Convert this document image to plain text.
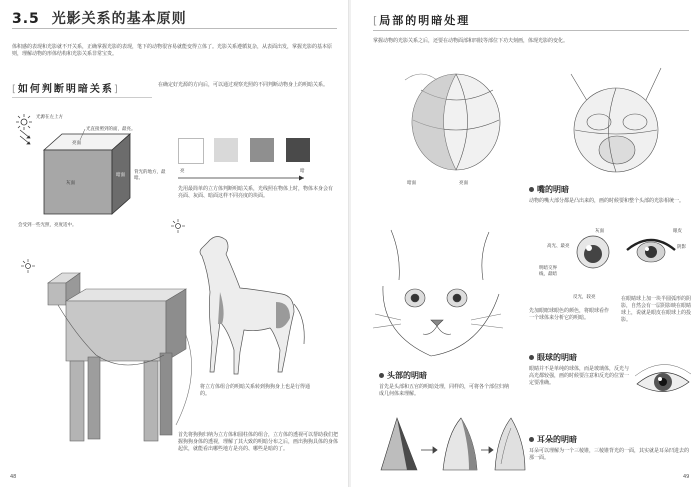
3.5 光影关系的基本原则
体积感的表现和光影就不开关系，正确掌握光影的表现，笔下的动物很容易就能变得立体了。光影关系遵循复杂，从表面出发，掌握光影的基本原则，理解动物的形体结构和光影关系非常宝贵。
[如何判断明暗关系]	在确定好光源的方向后，可以通过观察光照的不同判断动物身上的明暗关系。
光源在左上方
亮面
灰面
暗面
光直接照到的面，最亮。
背光的地方，最暗。
会受到一些光照，亮度适中。
亮	暗
先用最简单的立方体判断明暗关系，光线照在物体上时，物体本身会有亮面、灰面、暗面这样不同亮度的块面。
将立方体组合的明暗关系转到狗狗身上也是行得通的。
首先将狗狗归纳为立方体和圆柱体的组合，立方体的透视可以帮助我们把握狗狗身体的透视，理解了其大致的明暗分布之后，画出狗狗具体的身体起伏，就能看出哪些地方是亮的、哪些是暗的了。
48
[局部的明暗处理
掌握动物的光影关系之后，还要在动物面部和四肢等部位下功夫刻画，体现光影的变化。
暗面	亮面
嘴的明暗
动物的嘴大部分都是凸出来的，画的时候要和整个头部的光影相统一。
高光、最亮
灰面
明暗交界线，最暗
反光，较亮
眼皮
阴影
在眼睛球上加一块半圆弧形的阴影，自然会有一层阴影映在眼睛球上，说就是眼皮在眼球上的投影。
先加眼眶球眼色的颜色，将眼球看作一个球体来分析它的明暗。
头部的明暗
首先是头部和五官的明暗处理，同样的，可将各个部位归纳成几何体来理解。
眼球的明暗
眼睛并不是单纯的球体，而是玻璃体，反光与高光都较强，画的时候要注意和反光的位置一定要准确。
耳朵的明暗
耳朵可以理解为一个三棱锥，三棱锥背光的一面，其实就是耳朵凹进去的那一面。
49
